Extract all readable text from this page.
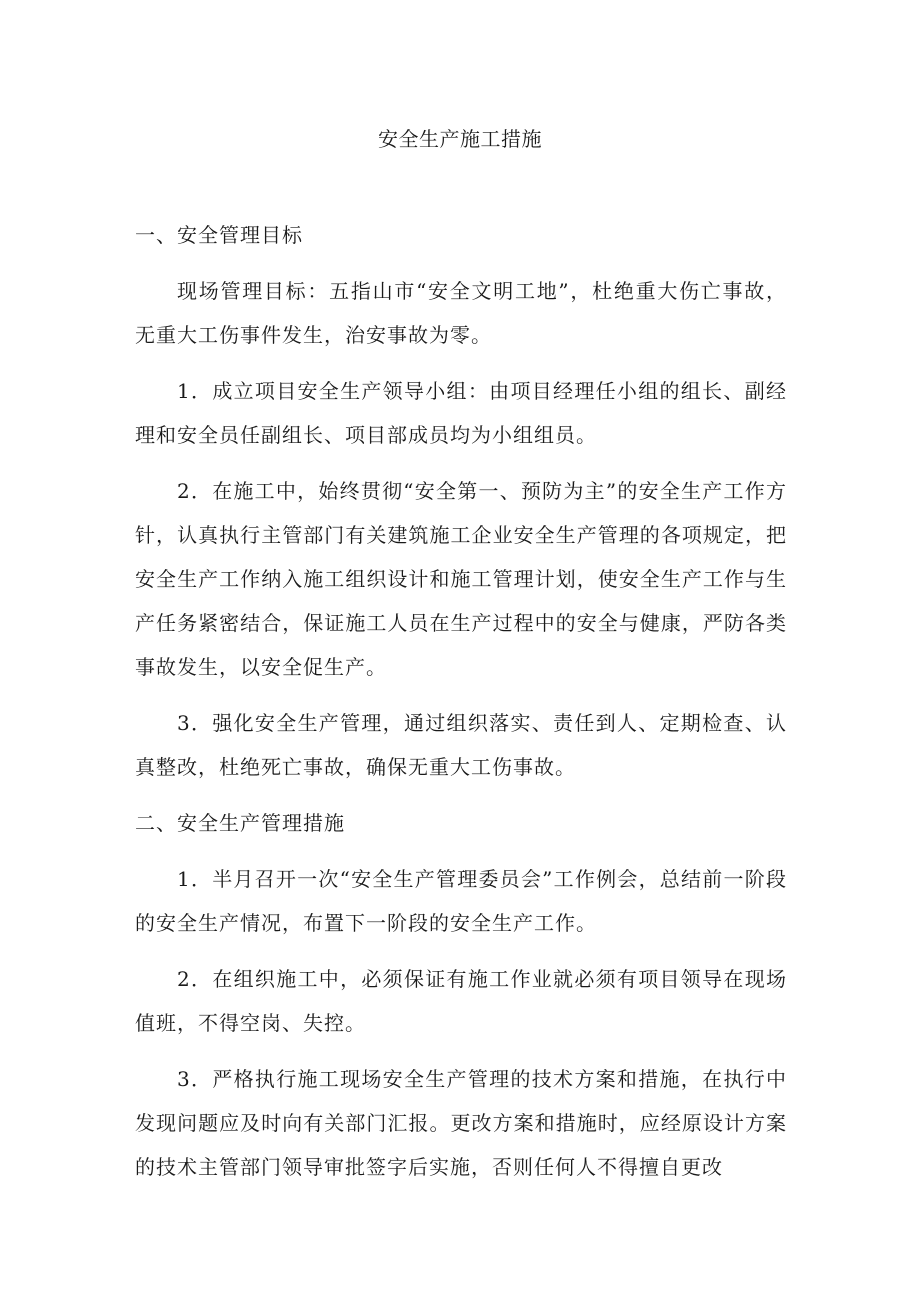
安全生产施工措施
一、安全管理目标
现场管理目标：五指山市“安全文明工地”，杜绝重大伤亡事故，无重大工伤事件发生，治安事故为零。
1．成立项目安全生产领导小组：由项目经理任小组的组长、副经理和安全员任副组长、项目部成员均为小组组员。
2．在施工中，始终贯彻“安全第一、预防为主”的安全生产工作方针，认真执行主管部门有关建筑施工企业安全生产管理的各项规定，把安全生产工作纳入施工组织设计和施工管理计划，使安全生产工作与生产任务紧密结合，保证施工人员在生产过程中的安全与健康，严防各类事故发生，以安全促生产。
3．强化安全生产管理，通过组织落实、责任到人、定期检查、认真整改，杜绝死亡事故，确保无重大工伤事故。
二、安全生产管理措施
1．半月召开一次“安全生产管理委员会”工作例会，总结前一阶段的安全生产情况，布置下一阶段的安全生产工作。
2．在组织施工中，必须保证有施工作业就必须有项目领导在现场值班，不得空岗、失控。
3．严格执行施工现场安全生产管理的技术方案和措施，在执行中发现问题应及时向有关部门汇报。更改方案和措施时，应经原设计方案的技术主管部门领导审批签字后实施，否则任何人不得擅自更改
